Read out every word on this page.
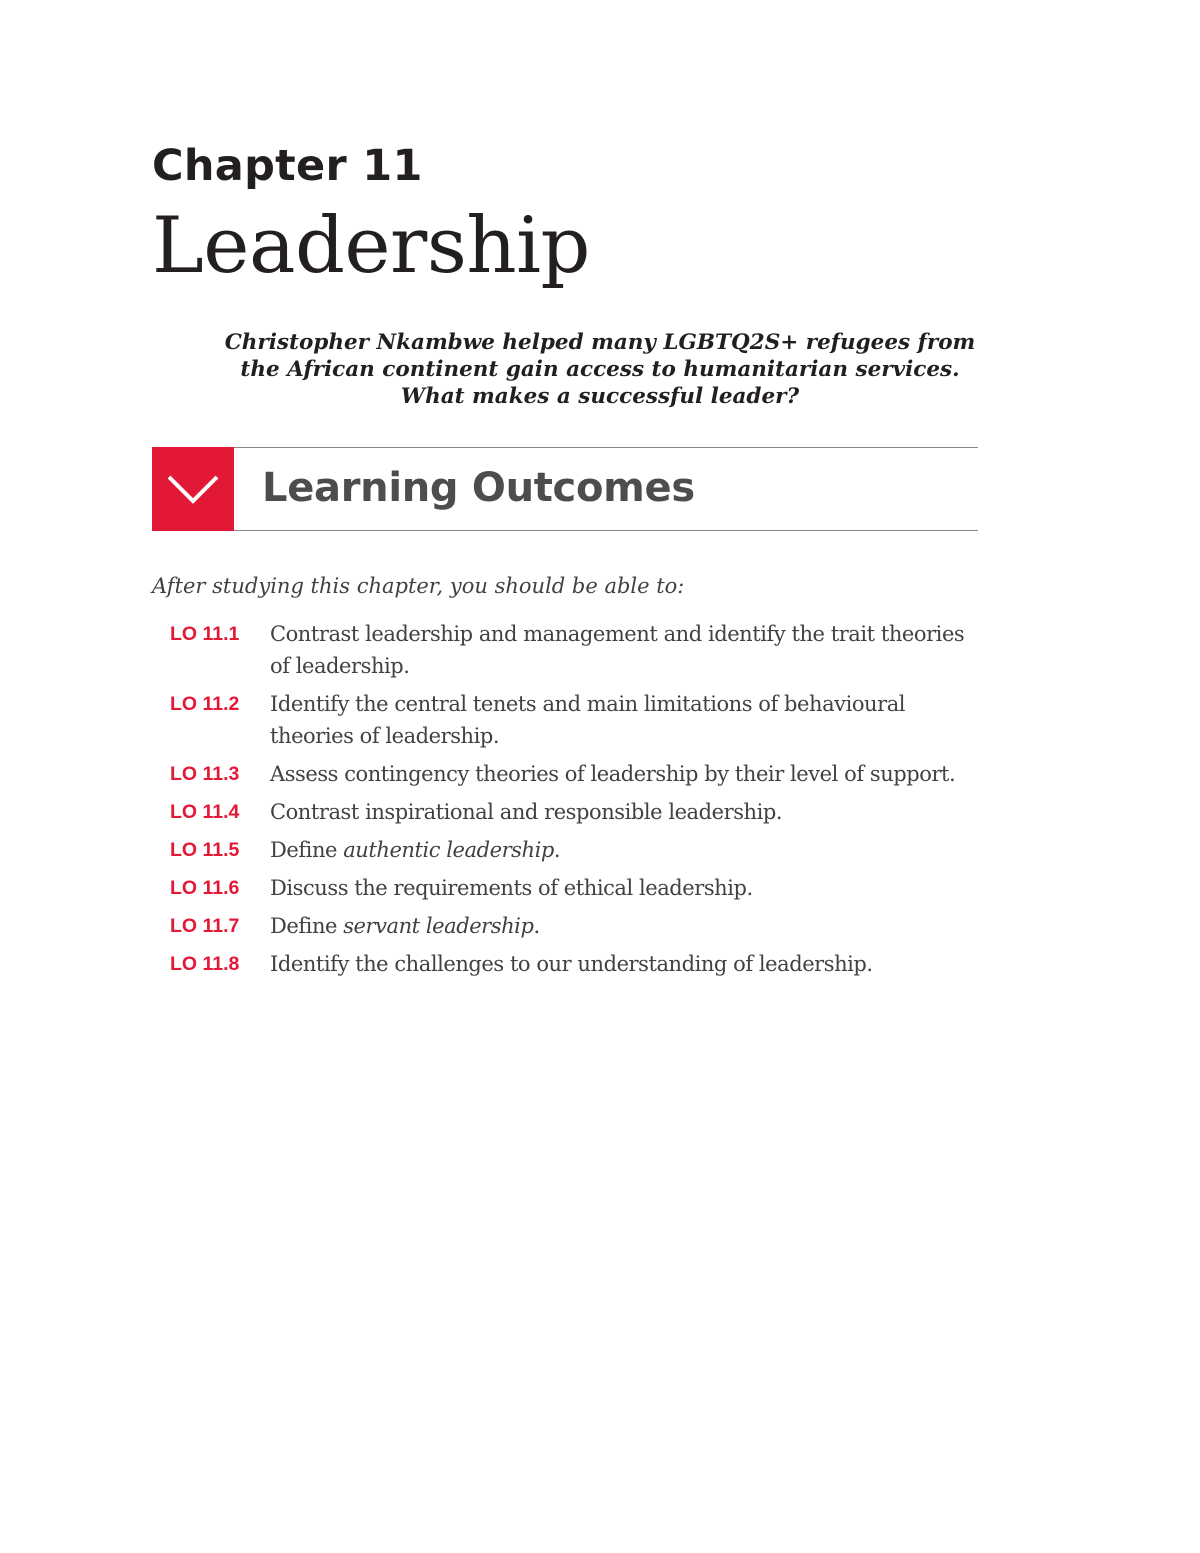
Chapter 11
Leadership
Christopher Nkambwe helped many LGBTQ2S+ refugees from
the African continent gain access to humanitarian services.
What makes a successful leader?
Learning Outcomes
After studying this chapter, you should be able to:
LO 11.1	Contrast leadership and management and identify the trait theories of leadership.
LO 11.2	Identify the central tenets and main limitations of behavioural theories of leadership.
LO 11.3	Assess contingency theories of leadership by their level of support.
LO 11.4	Contrast inspirational and responsible leadership.
LO 11.5	Define authentic leadership.
LO 11.6	Discuss the requirements of ethical leadership.
LO 11.7	Define servant leadership.
LO 11.8	Identify the challenges to our understanding of leadership.
